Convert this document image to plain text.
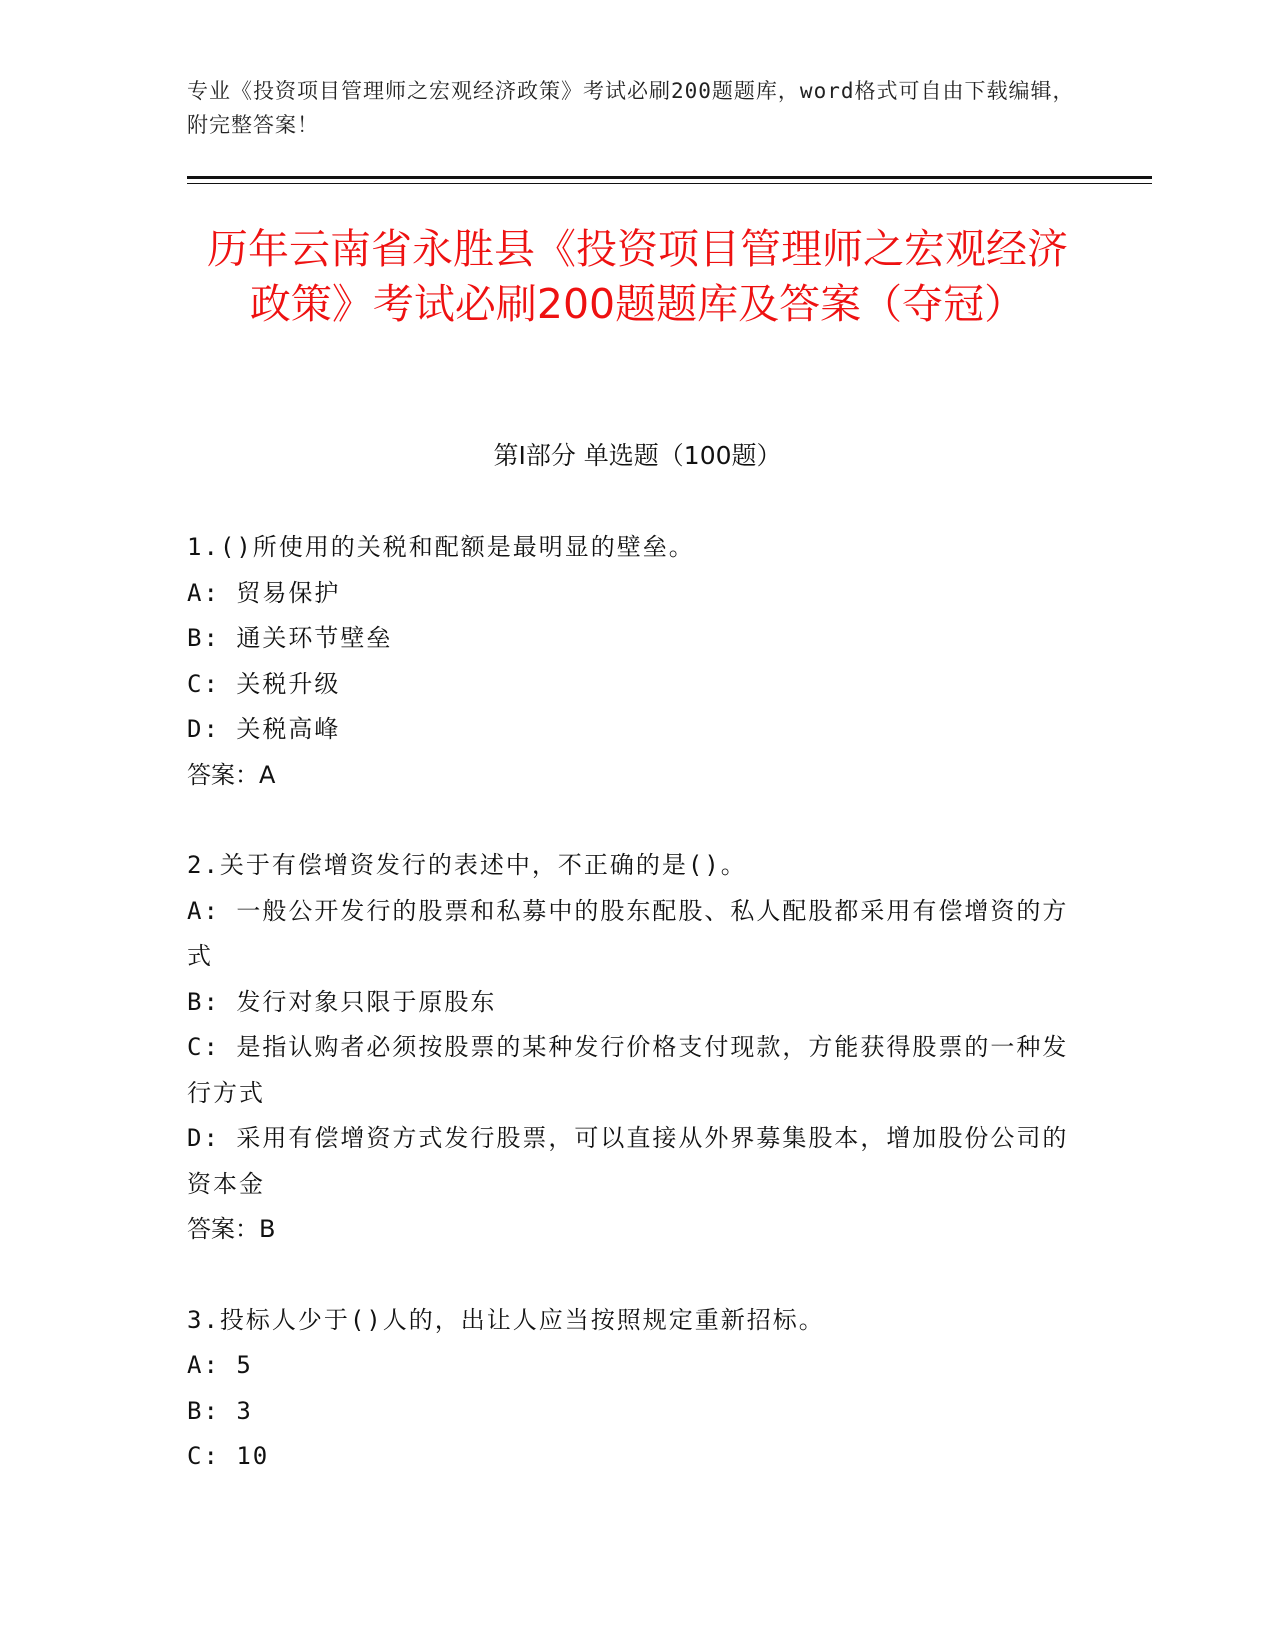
专业《投资项目管理师之宏观经济政策》考试必刷200题题库，word格式可自由下载编辑，附完整答案！
历年云南省永胜县《投资项目管理师之宏观经济政策》考试必刷200题题库及答案（夺冠）
第Ⅰ部分 单选题（100题）

1.()所使用的关税和配额是最明显的壁垒。

A: 贸易保护

B: 通关环节壁垒

C: 关税升级

D: 关税高峰

答案：A

2.关于有偿增资发行的表述中，不正确的是()。

A: 一般公开发行的股票和私募中的股东配股、私人配股都采用有偿增资的方式

B: 发行对象只限于原股东

C: 是指认购者必须按股票的某种发行价格支付现款，方能获得股票的一种发行方式

D: 采用有偿增资方式发行股票，可以直接从外界募集股本，增加股份公司的资本金

答案：B

3.投标人少于()人的，出让人应当按照规定重新招标。

A: 5

B: 3

C: 10
